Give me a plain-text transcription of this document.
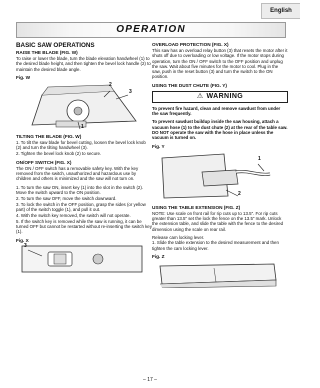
English
OPERATION
BASIC SAW OPERATIONS
RAISE THE BLADE (FIG. W)

To raise or lower the blade, turn the blade elevation handwheel (1) to the desired blade height, and then tighten the bevel lock handle (2) to maintain the desired blade angle.

Fig. W
2
3
1
TILTING THE BLADE (FIG. W)
1. To tilt the saw blade for bevel cutting, loosen the bevel lock knob (2) and turn the tilting handwheel (3).
2. Tighten the bevel lock knob (2) to secure.
ON/OFF SWITCH (FIG. X)

The ON / OFF switch has a removable safety key. With the key removed from the switch, unauthorized and hazardous use by children and others is minimized and the saw will not turn on.

1. To turn the saw ON, insert key (1) into the slot in the switch (2). Move the switch upward to the ON position.
2. To turn the saw OFF, move the switch downward.
3. To lock the switch in the OFF position, grasp the sides (or yellow part) of the switch toggle (1), and pull it out.
4. With the switch key removed, the switch will not operate.
5. If the switch key is removed while the saw is running, it can be turned OFF but cannot be restarted without re-inserting the switch key (1).
Fig. X
3
OVERLOAD PROTECTION (FIG. X)

This saw has an overload relay button (3) that resets the motor after it shuts off due to overloading or low voltage. If the motor stops during operation, turn the ON / OFF switch to the OFF position and unplug the saw. Wait about five minutes for the motor to cool. Plug in the saw, push in the reset button (3) and turn the switch to the ON position.

USING THE DUST CHUTE (FIG. Y)
⚠ WARNING

To prevent fire hazard, clean and remove sawdust from under the saw frequently.

To prevent sawdust buildup inside the saw housing, attach a vacuum hose (1) to the dust chute (2) at the rear of the table saw. DO NOT operate the saw with the hose in place unless the vacuum is turned on.

Fig. Y
1
2
USING THE TABLE EXTENSION (FIG. Z)

NOTE: Use scale on front rail for rip cuts up to 13.5". For rip cuts greater than 13.5" set the lock the fence on the 13.5" mark. Unlock the extension table, and slide the table with the fence to the desired dimension using the scale on rear rail.

Release cam locking lever.

1. Slide the table extension to the desired measurement and then tighten the cam locking lever.
Fig. Z
– 17 –
